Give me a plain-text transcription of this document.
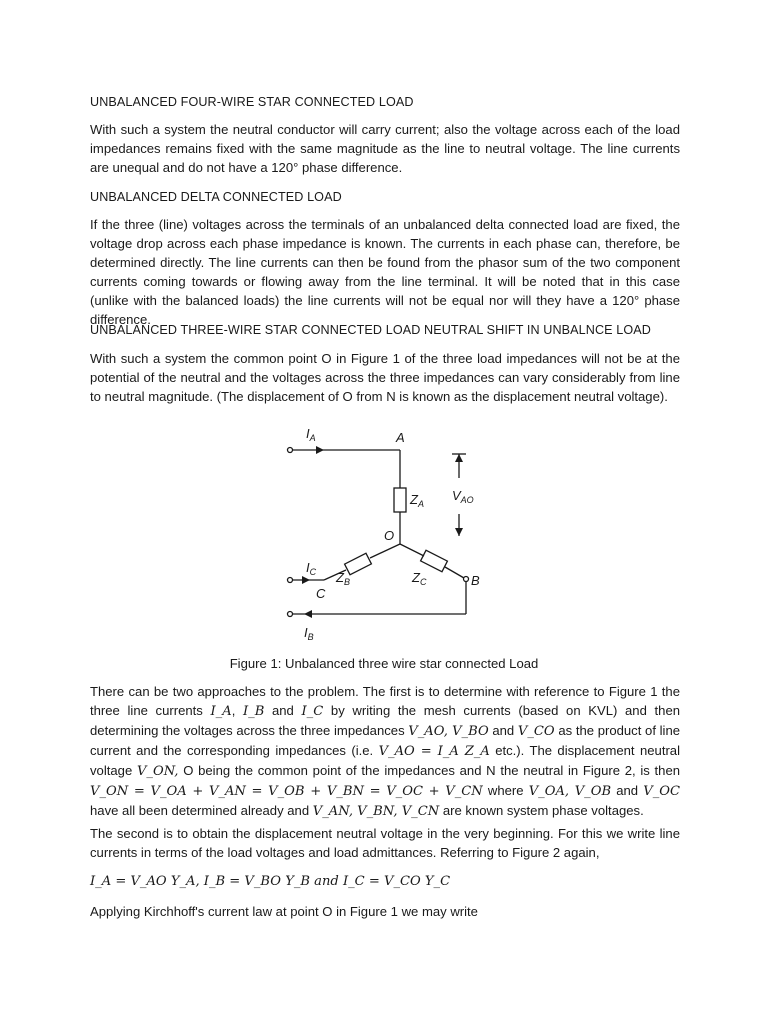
UNBALANCED FOUR-WIRE STAR CONNECTED LOAD
With such a system the neutral conductor will carry current; also the voltage across each of the load impedances remains fixed with the same magnitude as the line to neutral voltage. The line currents are unequal and do not have a 120° phase difference.
UNBALANCED DELTA CONNECTED LOAD
If the three (line) voltages across the terminals of an unbalanced delta connected load are fixed, the voltage drop across each phase impedance is known. The currents in each phase can, therefore, be determined directly. The line currents can then be found from the phasor sum of the two component currents coming towards or flowing away from the line terminal. It will be noted that in this case (unlike with the balanced loads) the line currents will not be equal nor will they have a 120° phase difference.
UNBALANCED THREE-WIRE STAR CONNECTED LOAD NEUTRAL SHIFT IN UNBALNCE LOAD
With such a system the common point O in Figure 1 of the three load impedances will not be at the potential of the neutral and the voltages across the three impedances can vary considerably from line to neutral magnitude. (The displacement of O from N is known as the displacement neutral voltage).
$I_A$	A
$Z_A$
$V_{AO}$
O
$I_C$ $Z_B$	$Z_C$	B
C
$I_B$
Figure 1: Unbalanced three wire star connected Load
There can be two approaches to the problem. The first is to determine with reference to Figure 1 the three line currents I_A, I_B and I_C by writing the mesh currents (based on KVL) and then determining the voltages across the three impedances V_AO, V_BO and V_CO as the product of line current and the corresponding impedances (i.e. V_AO = I_A Z_A etc.). The displacement neutral voltage V_ON, O being the common point of the impedances and N the neutral in Figure 2, is then V_ON = V_OA + V_AN = V_OB + V_BN = V_OC + V_CN where V_OA, V_OB and V_OC have all been determined already and V_AN, V_BN, V_CN are known system phase voltages.
The second is to obtain the displacement neutral voltage in the very beginning. For this we write line currents in terms of the load voltages and load admittances. Referring to Figure 2 again,
I_A = V_AO Y_A, I_B = V_BO Y_B and I_C = V_CO Y_C
Applying Kirchhoff's current law at point O in Figure 1 we may write
